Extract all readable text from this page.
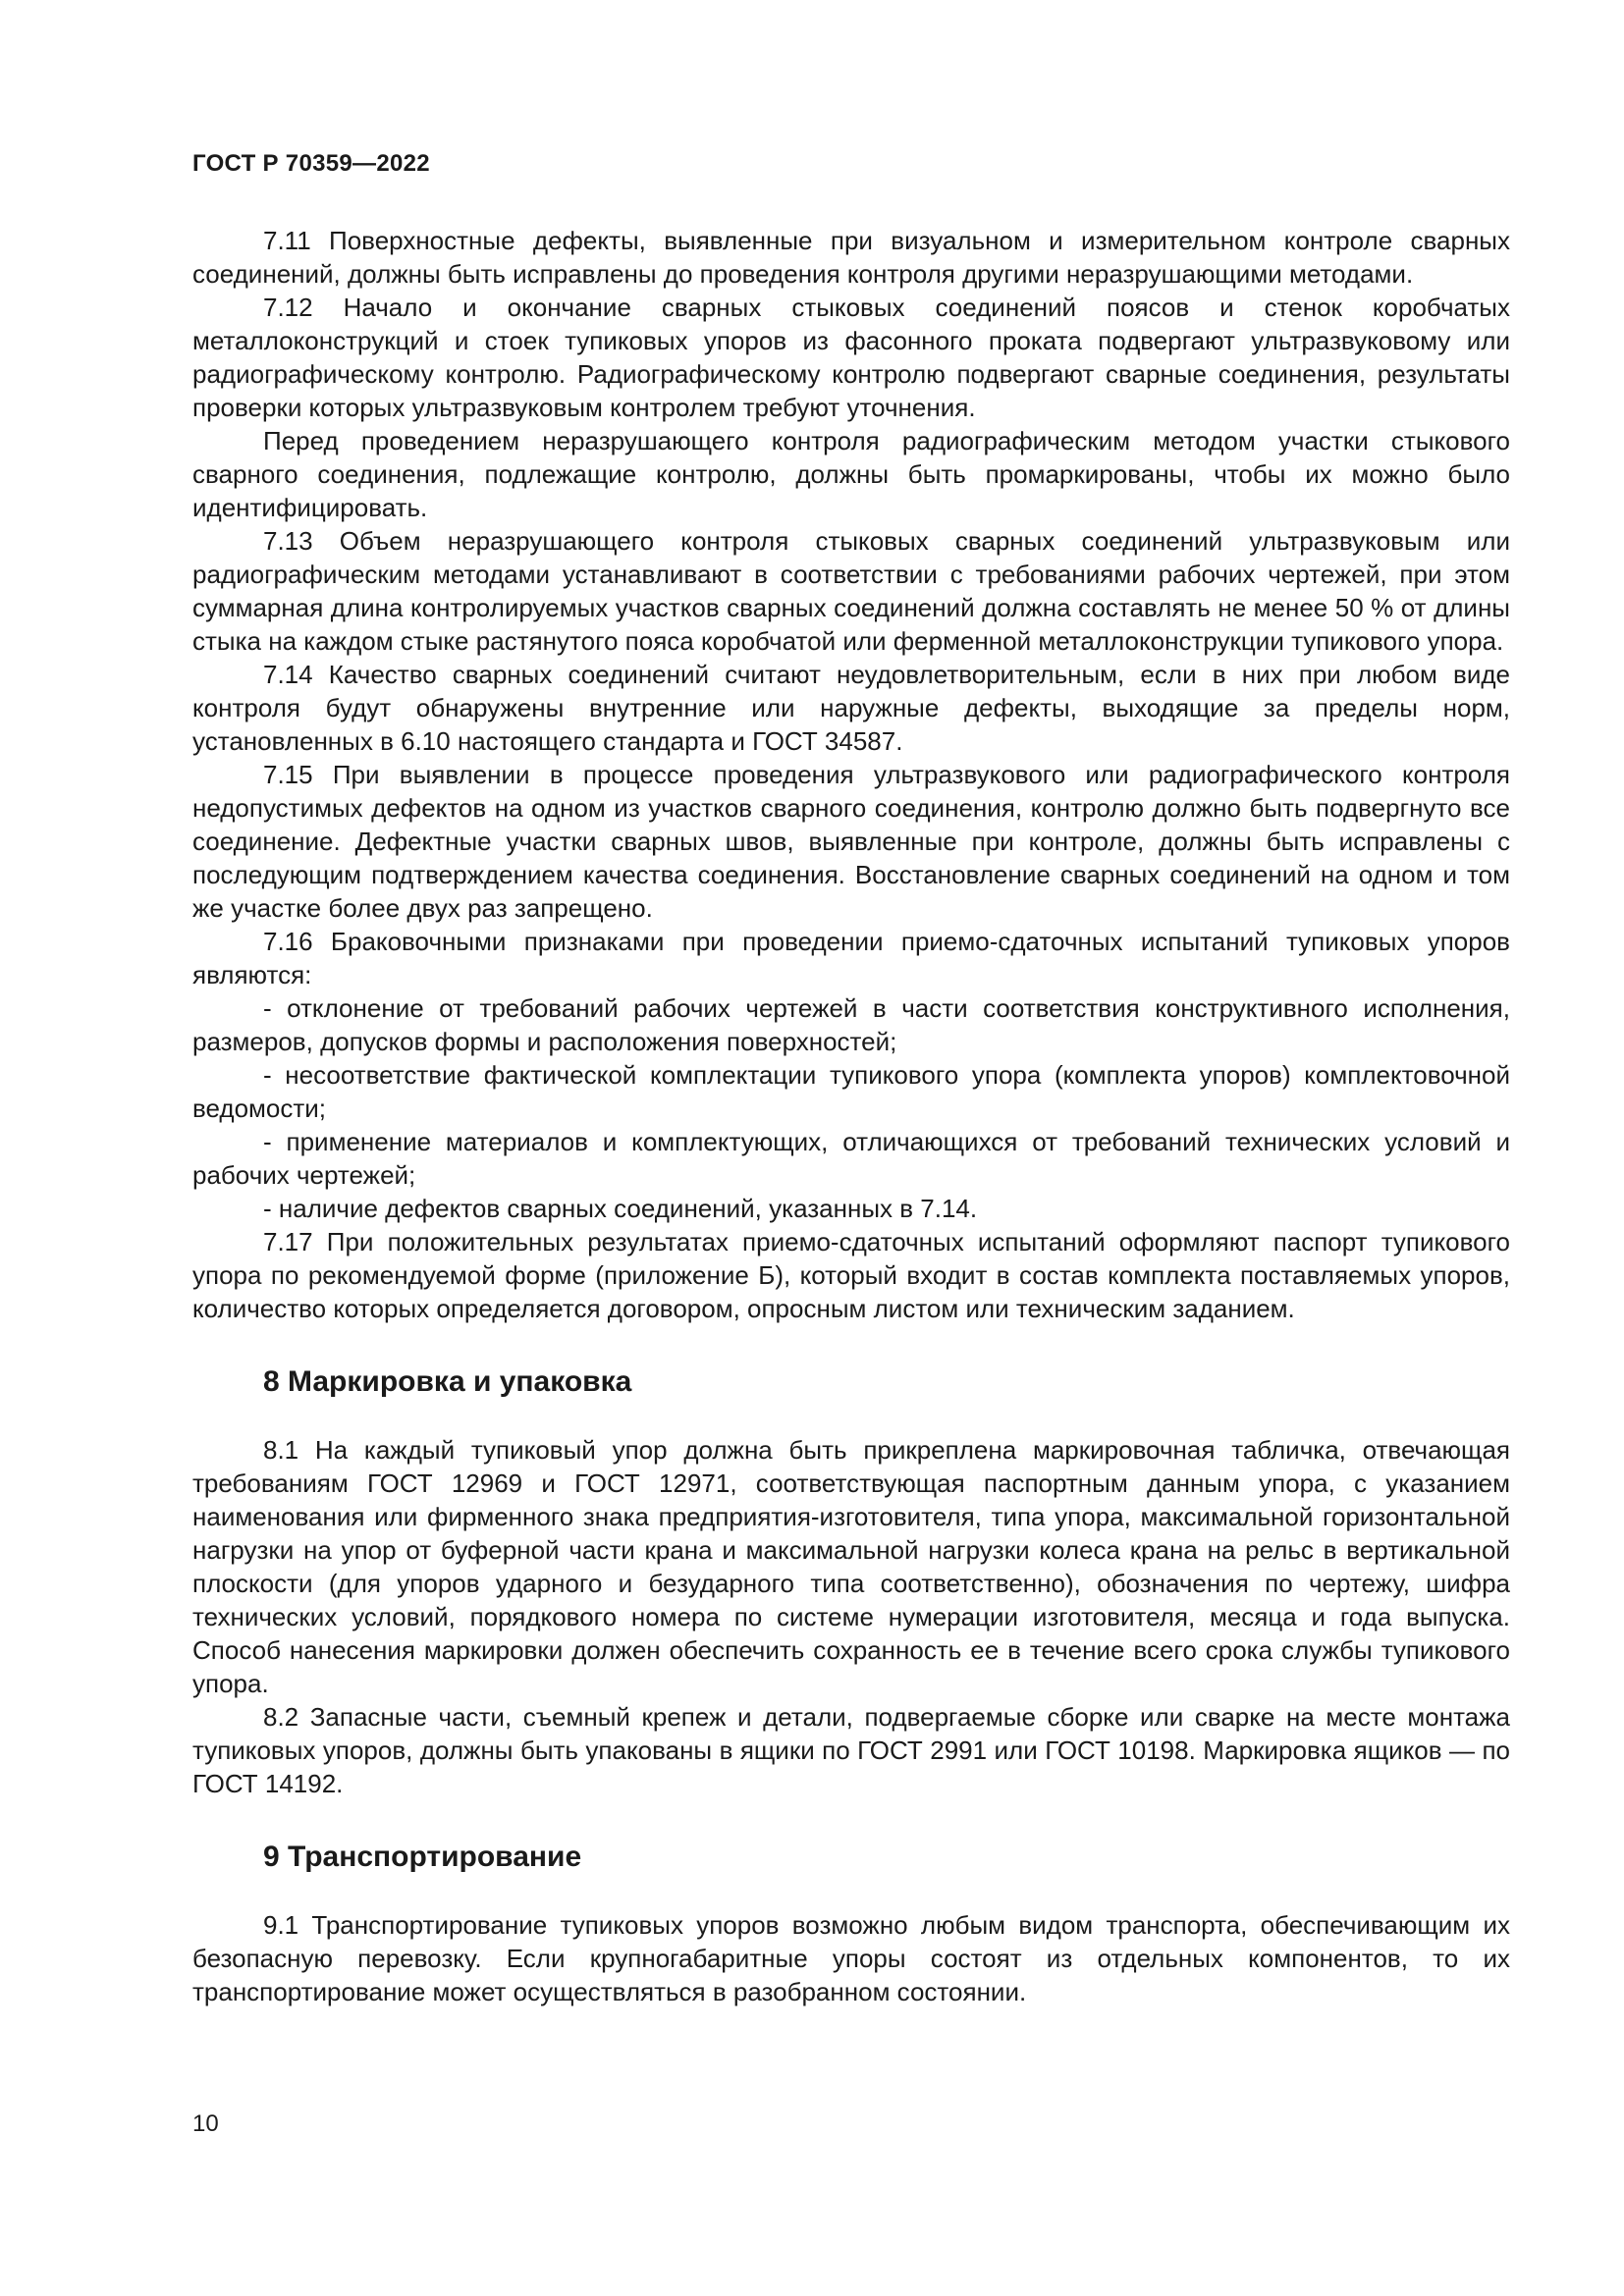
ГОСТ Р 70359—2022

7.11 Поверхностные дефекты, выявленные при визуальном и измерительном контроле сварных соединений, должны быть исправлены до проведения контроля другими неразрушающими методами.

7.12 Начало и окончание сварных стыковых соединений поясов и стенок коробчатых металлоконструкций и стоек тупиковых упоров из фасонного проката подвергают ультразвуковому или радиографическому контролю. Радиографическому контролю подвергают сварные соединения, результаты проверки которых ультразвуковым контролем требуют уточнения.

Перед проведением неразрушающего контроля радиографическим методом участки стыкового сварного соединения, подлежащие контролю, должны быть промаркированы, чтобы их можно было идентифицировать.

7.13 Объем неразрушающего контроля стыковых сварных соединений ультразвуковым или радиографическим методами устанавливают в соответствии с требованиями рабочих чертежей, при этом суммарная длина контролируемых участков сварных соединений должна составлять не менее 50 % от длины стыка на каждом стыке растянутого пояса коробчатой или ферменной металлоконструкции тупикового упора.

7.14 Качество сварных соединений считают неудовлетворительным, если в них при любом виде контроля будут обнаружены внутренние или наружные дефекты, выходящие за пределы норм, установленных в 6.10 настоящего стандарта и ГОСТ 34587.

7.15 При выявлении в процессе проведения ультразвукового или радиографического контроля недопустимых дефектов на одном из участков сварного соединения, контролю должно быть подвергнуто все соединение. Дефектные участки сварных швов, выявленные при контроле, должны быть исправлены с последующим подтверждением качества соединения. Восстановление сварных соединений на одном и том же участке более двух раз запрещено.

7.16 Браковочными признаками при проведении приемо-сдаточных испытаний тупиковых упоров являются:

- отклонение от требований рабочих чертежей в части соответствия конструктивного исполнения, размеров, допусков формы и расположения поверхностей;

- несоответствие фактической комплектации тупикового упора (комплекта упоров) комплектовочной ведомости;

- применение материалов и комплектующих, отличающихся от требований технических условий и рабочих чертежей;

- наличие дефектов сварных соединений, указанных в 7.14.

7.17 При положительных результатах приемо-сдаточных испытаний оформляют паспорт тупикового упора по рекомендуемой форме (приложение Б), который входит в состав комплекта поставляемых упоров, количество которых определяется договором, опросным листом или техническим заданием.

8 Маркировка и упаковка

8.1 На каждый тупиковый упор должна быть прикреплена маркировочная табличка, отвечающая требованиям ГОСТ 12969 и ГОСТ 12971, соответствующая паспортным данным упора, с указанием наименования или фирменного знака предприятия-изготовителя, типа упора, максимальной горизонтальной нагрузки на упор от буферной части крана и максимальной нагрузки колеса крана на рельс в вертикальной плоскости (для упоров ударного и безударного типа соответственно), обозначения по чертежу, шифра технических условий, порядкового номера по системе нумерации изготовителя, месяца и года выпуска. Способ нанесения маркировки должен обеспечить сохранность ее в течение всего срока службы тупикового упора.

8.2 Запасные части, съемный крепеж и детали, подвергаемые сборке или сварке на месте монтажа тупиковых упоров, должны быть упакованы в ящики по ГОСТ 2991 или ГОСТ 10198. Маркировка ящиков — по ГОСТ 14192.

9 Транспортирование

9.1 Транспортирование тупиковых упоров возможно любым видом транспорта, обеспечивающим их безопасную перевозку. Если крупногабаритные упоры состоят из отдельных компонентов, то их транспортирование может осуществляться в разобранном состоянии.

10
